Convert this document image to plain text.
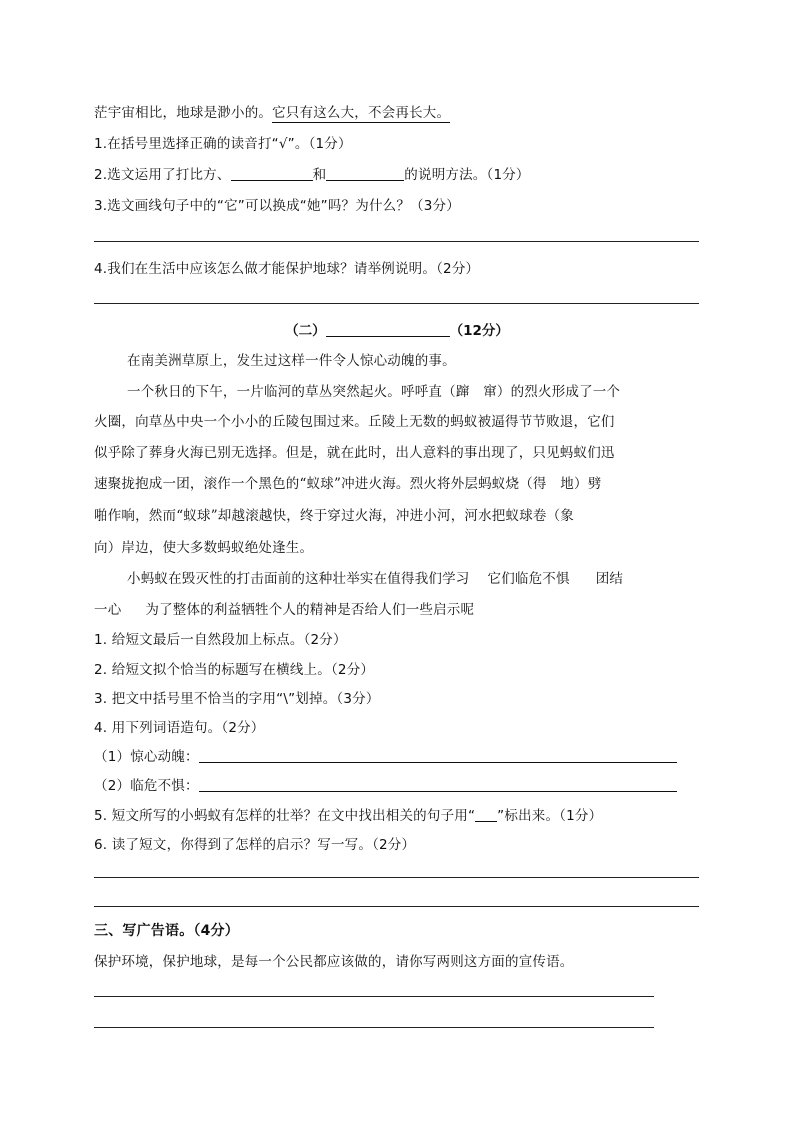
茫宇宙相比，地球是渺小的。它只有这么大，不会再长大。
1.在括号里选择正确的读音打“√”。（1分）
2.选文运用了打比方、	和	的说明方法。（1分）
3.选文画线句子中的“它”可以换成“她”吗？为什么？（3分）
4.我们在生活中应该怎么做才能保护地球？请举例说明。（2分）
（二）	（12分）
在南美洲草原上，发生过这样一件令人惊心动魄的事。
一个秋日的下午，一片临河的草丛突然起火。呼呼直（蹿　窜）的烈火形成了一个
火圈，向草丛中央一个小小的丘陵包围过来。丘陵上无数的蚂蚁被逼得节节败退，它们
似乎除了葬身火海已别无选择。但是，就在此时，出人意料的事出现了，只见蚂蚁们迅
速聚拢抱成一团，滚作一个黑色的“蚁球”冲进火海。烈火将外层蚂蚁烧（得　地）劈
啪作响，然而“蚁球”却越滚越快，终于穿过火海，冲进小河，河水把蚁球卷（象
向）岸边，使大多数蚂蚁绝处逢生。
小蚂蚁在毁灭性的打击面前的这种壮举实在值得我们学习 它们临危不惧 团结
一心 为了整体的利益牺牲个人的精神是否给人们一些启示呢
1. 给短文最后一自然段加上标点。（2分）
2. 给短文拟个恰当的标题写在横线上。（2分）
3. 把文中括号里不恰当的字用“\”划掉。（3分）
4. 用下列词语造句。（2分）
（1）惊心动魄：
（2）临危不惧：
5. 短文所写的小蚂蚁有怎样的壮举？在文中找出相关的句子用“ ”标出来。（1分）
6. 读了短文，你得到了怎样的启示？写一写。（2分）
三、写广告语。（4分）
保护环境，保护地球，是每一个公民都应该做的，请你写两则这方面的宣传语。
